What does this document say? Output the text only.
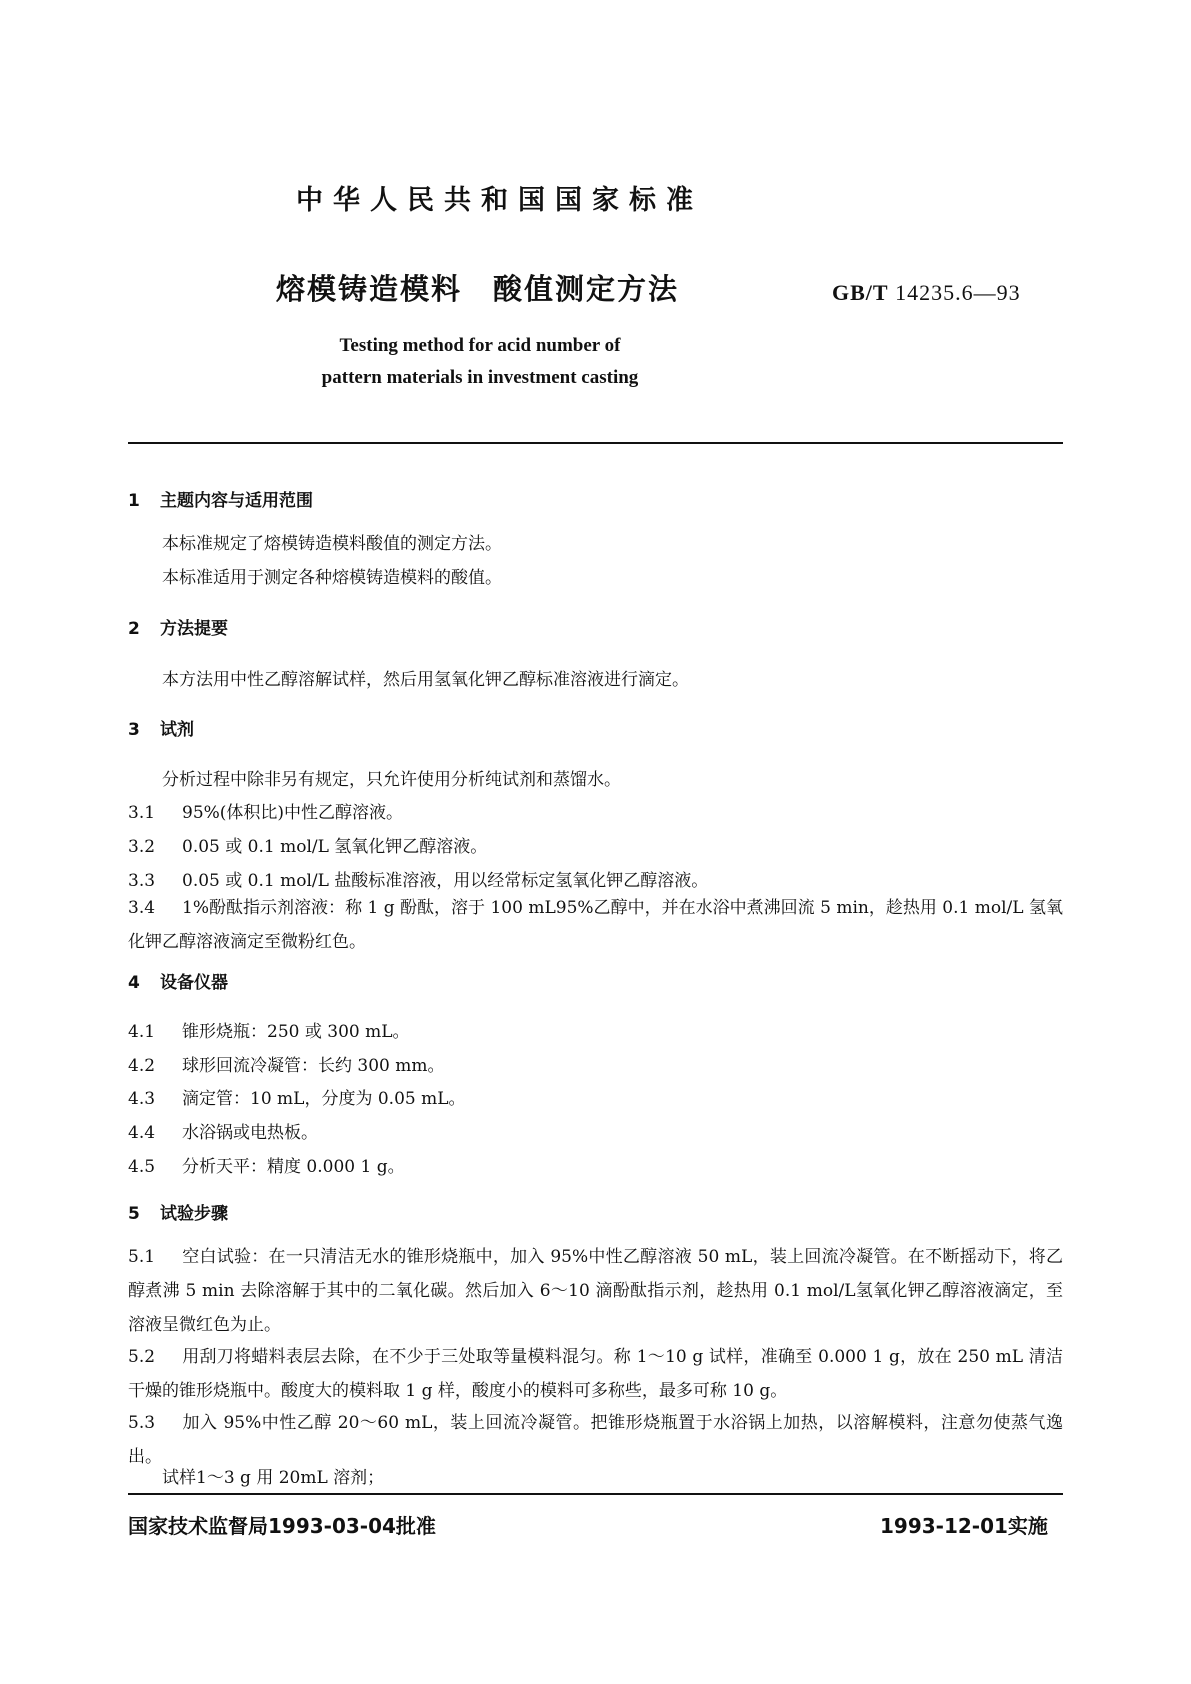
中华人民共和国国家标准
熔模铸造模料　酸值测定方法	GB/T 14235.6—93
Testing method for acid number of
pattern materials in investment casting
1 主题内容与适用范围
本标准规定了熔模铸造模料酸值的测定方法。
本标准适用于测定各种熔模铸造模料的酸值。
2 方法提要
本方法用中性乙醇溶解试样，然后用氢氧化钾乙醇标准溶液进行滴定。
3 试剂
分析过程中除非另有规定，只允许使用分析纯试剂和蒸馏水。
3.1 95%(体积比)中性乙醇溶液。
3.2 0.05 或 0.1 mol/L 氢氧化钾乙醇溶液。
3.3 0.05 或 0.1 mol/L 盐酸标准溶液，用以经常标定氢氧化钾乙醇溶液。
3.4 1%酚酞指示剂溶液：称 1 g 酚酞，溶于 100 mL95%乙醇中，并在水浴中煮沸回流 5 min，趁热用 0.1 mol/L 氢氧化钾乙醇溶液滴定至微粉红色。
4 设备仪器
4.1 锥形烧瓶：250 或 300 mL。
4.2 球形回流冷凝管：长约 300 mm。
4.3 滴定管：10 mL，分度为 0.05 mL。
4.4 水浴锅或电热板。
4.5 分析天平：精度 0.000 1 g。
5 试验步骤
5.1 空白试验：在一只清洁无水的锥形烧瓶中，加入 95%中性乙醇溶液 50 mL，装上回流冷凝管。在不断摇动下，将乙醇煮沸 5 min 去除溶解于其中的二氧化碳。然后加入 6～10 滴酚酞指示剂，趁热用 0.1 mol/L氢氧化钾乙醇溶液滴定，至溶液呈微红色为止。
5.2 用刮刀将蜡料表层去除，在不少于三处取等量模料混匀。称 1～10 g 试样，准确至 0.000 1 g，放在 250 mL 清洁干燥的锥形烧瓶中。酸度大的模料取 1 g 样，酸度小的模料可多称些，最多可称 10 g。
5.3 加入 95%中性乙醇 20～60 mL，装上回流冷凝管。把锥形烧瓶置于水浴锅上加热，以溶解模料，注意勿使蒸气逸出。
试样1～3 g 用 20mL 溶剂；
国家技术监督局1993-03-04批准	1993-12-01实施
